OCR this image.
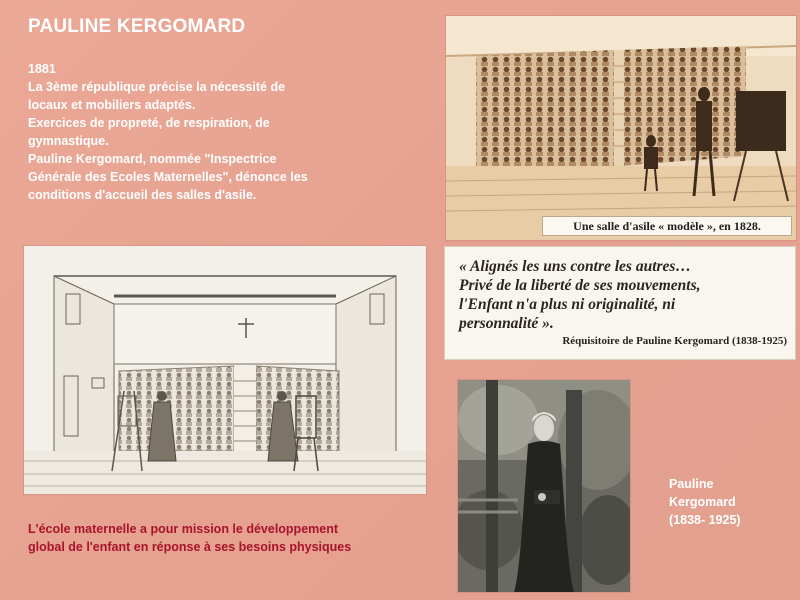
PAULINE KERGOMARD

1881

La 3ème république précise la nécessité de

locaux et mobiliers adaptés.

Exercices de propreté, de respiration, de

gymnastique.

Pauline Kergomard, nommée "Inspectrice

Générale des Ecoles Maternelles", dénonce les

conditions d'accueil des salles d'asile.

Une salle d'asile « modèle », en 1828.
« Alignés les uns contre les autres…
Privé de la liberté de ses mouvements,
l'Enfant n'a plus ni originalité, ni
personnalité ».
Réquisitoire de Pauline Kergomard (1838-1925)
Pauline
Kergomard
(1838- 1925)

L'école maternelle a pour mission le développement

global de l'enfant en réponse à ses besoins physiques
